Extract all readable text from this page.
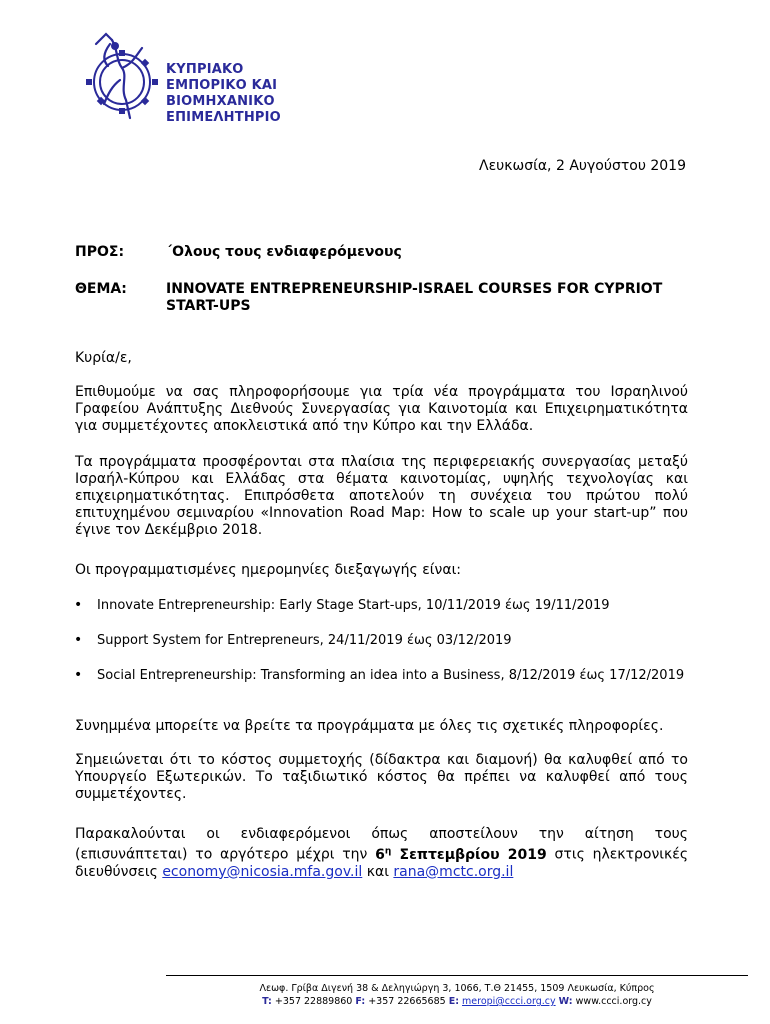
ΚΥΠΡΙΑΚΟ
ΕΜΠΟΡΙΚΟ ΚΑΙ
ΒΙΟΜΗΧΑΝΙΚΟ
ΕΠΙΜΕΛΗΤΗΡΙΟ
Λευκωσία, 2 Αυγούστου 2019
ΠΡΟΣ:	΄Ολους τους ενδιαφερόμενους
ΘΕΜΑ:	INNOVATE ENTREPRENEURSHIP-ISRAEL COURSES FOR CYPRIOT START-UPS
Κυρία/ε,
Επιθυμούμε να σας πληροφορήσουμε για τρία νέα προγράμματα του Ισραηλινού Γραφείου Ανάπτυξης Διεθνούς Συνεργασίας για Καινοτομία και Επιχειρηματικότητα για συμμετέχοντες αποκλειστικά από την Κύπρο και την Ελλάδα.
Τα προγράμματα προσφέρονται στα πλαίσια της περιφερειακής συνεργασίας μεταξύ Ισραήλ-Κύπρου και Ελλάδας στα θέματα καινοτομίας, υψηλής τεχνολογίας και επιχειρηματικότητας. Επιπρόσθετα αποτελούν τη συνέχεια του πρώτου πολύ επιτυχημένου σεμιναρίου «Innovation Road Map: How to scale up your start-up” που έγινε τον Δεκέμβριο 2018.
Οι προγραμματισμένες ημερομηνίες διεξαγωγής είναι:
• Innovate Entrepreneurship: Early Stage Start-ups, 10/11/2019 έως 19/11/2019
• Support System for Entrepreneurs, 24/11/2019 έως 03/12/2019
• Social Entrepreneurship: Transforming an idea into a Business, 8/12/2019 έως 17/12/2019
Συνημμένα μπορείτε να βρείτε τα προγράμματα με όλες τις σχετικές πληροφορίες.
Σημειώνεται ότι το κόστος συμμετοχής (δίδακτρα και διαμονή) θα καλυφθεί από το Υπουργείο Εξωτερικών. Το ταξιδιωτικό κόστος θα πρέπει να καλυφθεί από τους συμμετέχοντες.
Παρακαλούνται οι ενδιαφερόμενοι όπως αποστείλουν την αίτηση τους (επισυνάπτεται) το αργότερο μέχρι την $6^\eta$ Σεπτεμβρίου 2019 στις ηλεκτρονικές διευθύνσεις economy@nicosia.mfa.gov.il και rana@mctc.org.il
Λεωφ. Γρίβα Διγενή 38 & Δεληγιώργη 3, 1066, Τ.Θ 21455, 1509 Λευκωσία, Κύπρος
T: +357 22889860 F: +357 22665685 E: meropi@ccci.org.cy W: www.ccci.org.cy
